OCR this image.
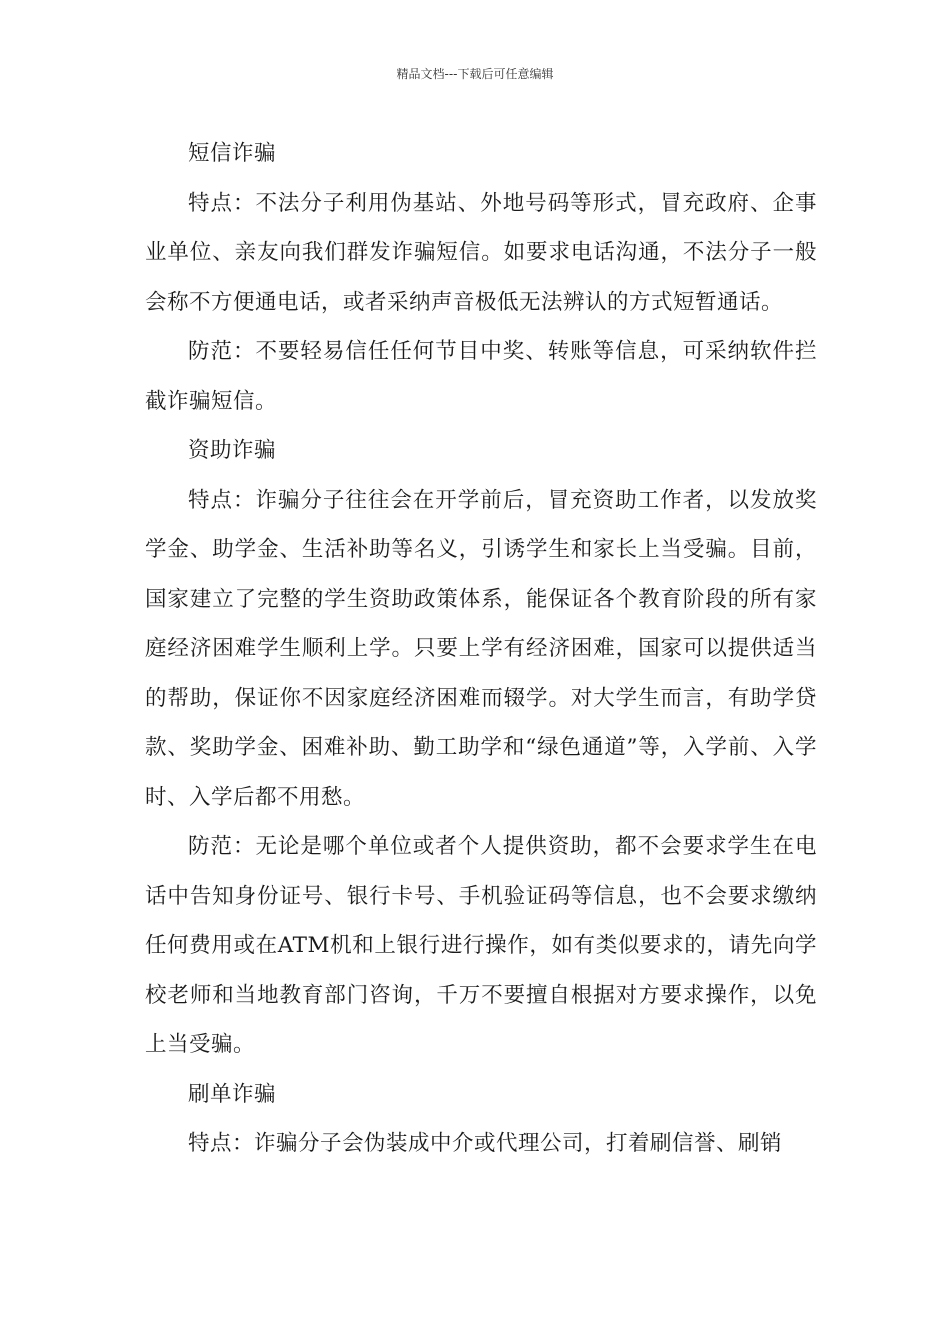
精品文档---下载后可任意编辑

短信诈骗

特点：不法分子利用伪基站、外地号码等形式，冒充政府、企事业单位、亲友向我们群发诈骗短信。如要求电话沟通，不法分子一般会称不方便通电话，或者采纳声音极低无法辨认的方式短暂通话。

防范：不要轻易信任任何节目中奖、转账等信息，可采纳软件拦截诈骗短信。

资助诈骗

特点：诈骗分子往往会在开学前后，冒充资助工作者，以发放奖学金、助学金、生活补助等名义，引诱学生和家长上当受骗。目前，国家建立了完整的学生资助政策体系，能保证各个教育阶段的所有家庭经济困难学生顺利上学。只要上学有经济困难，国家可以提供适当的帮助，保证你不因家庭经济困难而辍学。对大学生而言，有助学贷款、奖助学金、困难补助、勤工助学和“绿色通道”等，入学前、入学时、入学后都不用愁。

防范：无论是哪个单位或者个人提供资助，都不会要求学生在电话中告知身份证号、银行卡号、手机验证码等信息，也不会要求缴纳任何费用或在ATM机和上银行进行操作，如有类似要求的，请先向学校老师和当地教育部门咨询，千万不要擅自根据对方要求操作，以免上当受骗。

刷单诈骗

特点：诈骗分子会伪装成中介或代理公司，打着刷信誉、刷销
